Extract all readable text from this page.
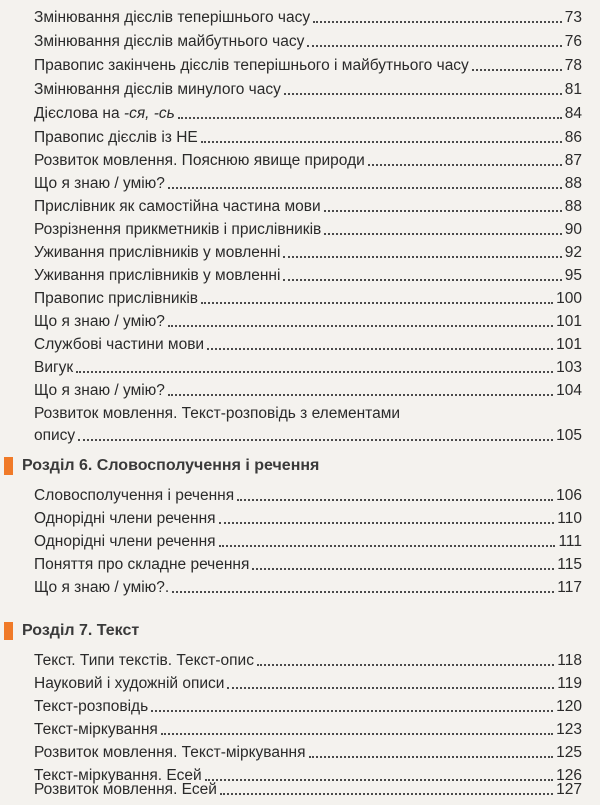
Змінювання дієслів теперішнього часу	73
Змінювання дієслів майбутнього часу	76
Правопис закінчень дієслів теперішнього і майбутнього часу	78
Змінювання дієслів минулого часу	81
Дієслова на -ся, -сь	84
Правопис дієслів із НЕ	86
Розвиток мовлення. Пояснюю явище природи	87
Що я знаю / умію?	88
Прислівник як самостійна частина мови	88
Розрізнення прикметників і прислівників	90
Уживання прислівників у мовленні	92
Уживання прислівників у мовленні	95
Правопис прислівників	100
Що я знаю / умію?	101
Службові частини мови	101
Вигук	103
Що я знаю / умію?	104
Розвиток мовлення. Текст-розповідь з елементами
опису	105
Розділ 6. Словосполучення і речення
Словосполучення і речення	106
Однорідні члени речення	110
Однорідні члени речення	111
Поняття про складне речення	115
Що я знаю / умію?.	117
Розділ 7. Текст
Текст. Типи текстів. Текст-опис	118
Науковий і художній описи	119
Текст-розповідь	120
Текст-міркування	123
Розвиток мовлення. Текст-міркування	125
Текст-міркування. Есей	126
Розвиток мовлення. Есей	127
